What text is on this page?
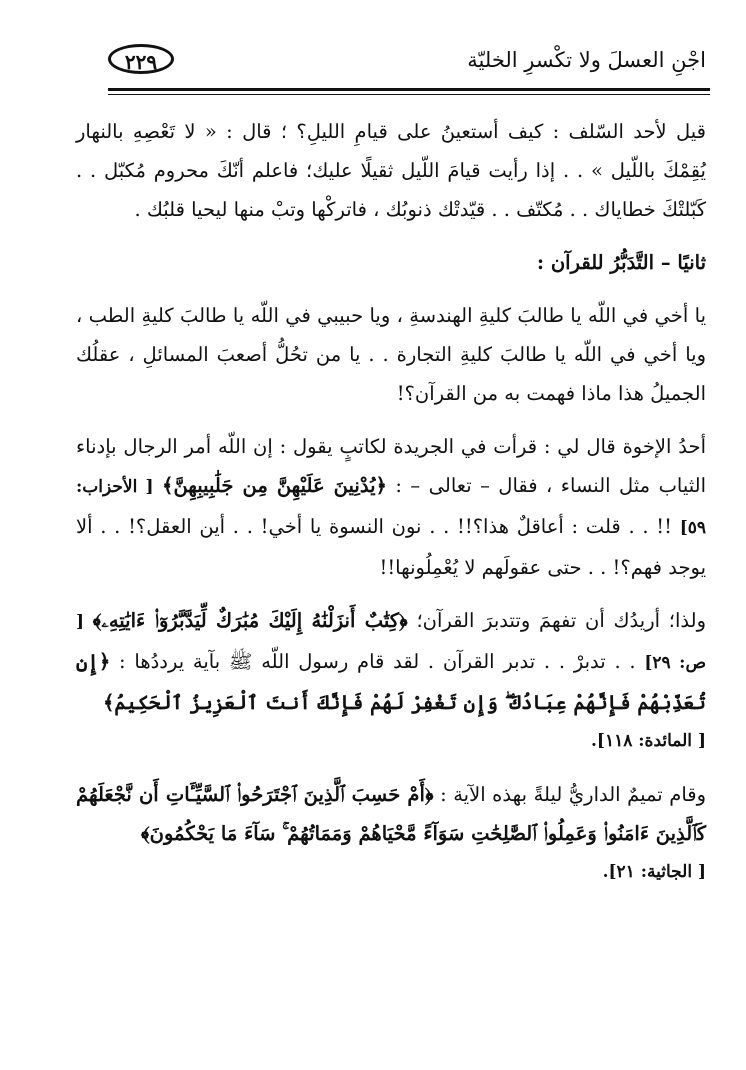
اجْنِ العسلَ ولا تكْسرِ الخليّة
٢٢٩

قيل لأحد السّلف : كيف أستعينُ على قيامِ الليلِ؟ ؛ قال : « لا تَعْصِهِ بالنهار يُقِمْكَ باللّيل » . . إذا رأيت قيامَ اللّيل ثقيلًا عليك؛ فاعلم أنّكَ محروم مُكبّل . . كَبّلتْكَ خطاياك . . مُكتّف . . قيّدتْك ذنوبُك ، فاتركْها وتبْ منها ليحيا قلبُك .

ثانيًا – التَّدَبُّرُ للقرآن :

يا أخي في اللّه يا طالبَ كليةِ الهندسةِ ، ويا حبيبي في اللّه يا طالبَ كليةِ الطب ، ويا أخي في اللّه يا طالبَ كليةِ التجارة . . يا من تحُلُّ أصعبَ المسائلِ ، عقلُك الجميلُ هذا ماذا فهمت به من القرآن؟!

أحدُ الإخوة قال لي : قرأت في الجريدة لكاتبٍ يقول : إن اللّه أمر الرجال بإدناء الثياب مثل النساء ، فقال – تعالى – : ﴿يُدْنِينَ عَلَيْهِنَّ مِن جَلَٰبِيبِهِنَّ﴾ [ الأحزاب: ٥٩] !! . . قلت : أعاقلٌ هذا؟!! . . نون النسوة يا أخي! . . أين العقل؟! . . ألا يوجد فهم؟! . . حتى عقولَهم لا يُعْمِلُونها!!

ولذا؛ أريدُك أن تفهمَ وتتدبرَ القرآن؛ ﴿كِتَٰبٌ أَنزَلْنَٰهُ إِلَيْكَ مُبَٰرَكٌ لِّيَدَّبَّرُوٓا۟ ءَايَٰتِهِۦ﴾ [ ص: ٢٩] . . تدبرْ . . تدبر القرآن . لقد قام رسول اللّه ﷺ بآية يرددُها : ﴿إِن تُعَذِّبْهُمْ فَإِنَّهُمْ عِبَادُكَ ۖ وَإِن تَغْفِرْ لَهُمْ فَإِنَّكَ أَنتَ ٱلْعَزِيزُ ٱلْحَكِيمُ﴾
[ المائدة: ١١٨].

وقام تميمٌ الداريُّ ليلةً بهذه الآية : ﴿أَمْ حَسِبَ ٱلَّذِينَ ٱجْتَرَحُوا۟ ٱلسَّيِّـَٔاتِ أَن نَّجْعَلَهُمْ كَٱلَّذِينَ ءَامَنُوا۟ وَعَمِلُوا۟ ٱلصَّٰلِحَٰتِ سَوَآءً مَّحْيَاهُمْ وَمَمَاتُهُمْ ۚ سَآءَ مَا يَحْكُمُونَ﴾
[ الجاثية: ٢١].
